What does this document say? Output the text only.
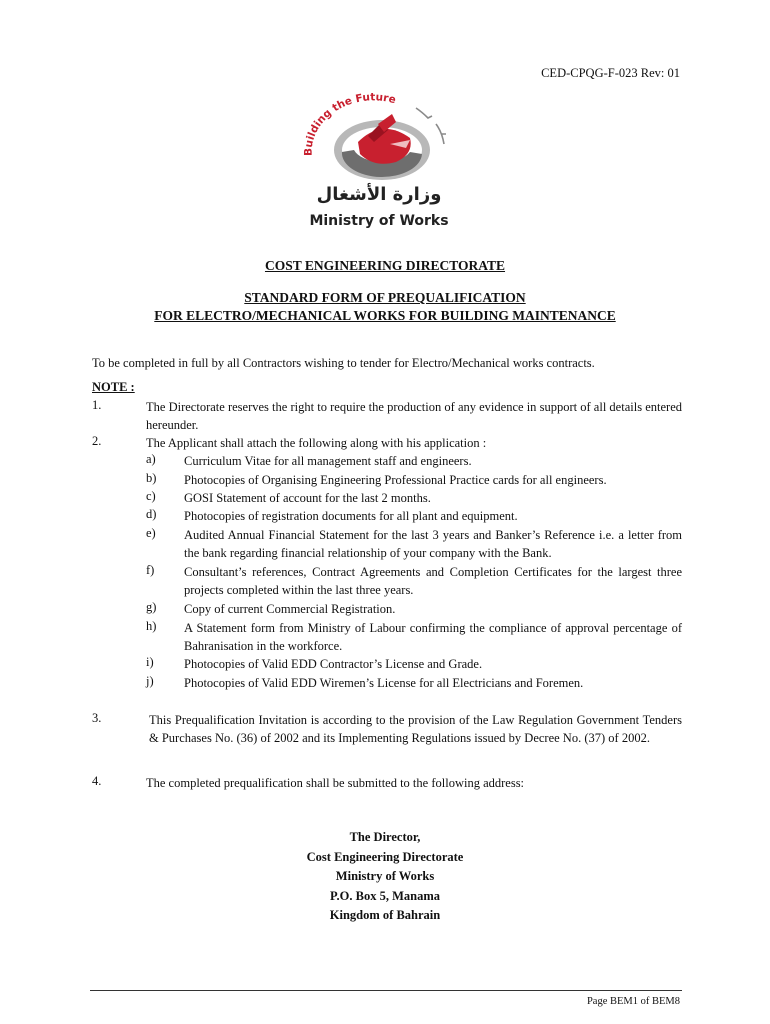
CED-CPQG-F-023 Rev: 01
Building the Future
وزارة الأشغال
Ministry of Works
COST ENGINEERING DIRECTORATE
STANDARD FORM OF PREQUALIFICATION
FOR ELECTRO/MECHANICAL WORKS FOR BUILDING MAINTENANCE
To be completed in full by all Contractors wishing to tender for Electro/Mechanical works contracts.
NOTE :
1.	The Directorate reserves the right to require the production of any evidence in support of all details entered hereunder.
2.	The Applicant shall attach the following along with his application :
a) Curriculum Vitae for all management staff and engineers.
b) Photocopies of Organising Engineering Professional Practice cards for all engineers.
c) GOSI Statement of account for the last 2 months.
d) Photocopies of registration documents for all plant and equipment.
e) Audited Annual Financial Statement for the last 3 years and Banker’s Reference i.e. a letter from the bank regarding financial relationship of your company with the Bank.
f) Consultant’s references, Contract Agreements and Completion Certificates for the largest three projects completed within the last three years.
g) Copy of current Commercial Registration.
h) A Statement form from Ministry of Labour confirming the compliance of approval percentage of Bahranisation in the workforce.
i) Photocopies of Valid EDD Contractor’s License and Grade.
j) Photocopies of Valid EDD Wiremen’s License for all Electricians and Foremen.
3.	This Prequalification Invitation is according to the provision of the Law Regulation Government Tenders & Purchases No. (36) of 2002 and its Implementing Regulations issued by Decree No. (37) of 2002.
4.	The completed prequalification shall be submitted to the following address:
The Director,
Cost Engineering Directorate
Ministry of Works
P.O. Box 5, Manama
Kingdom of Bahrain
Page BEM1 of BEM8
